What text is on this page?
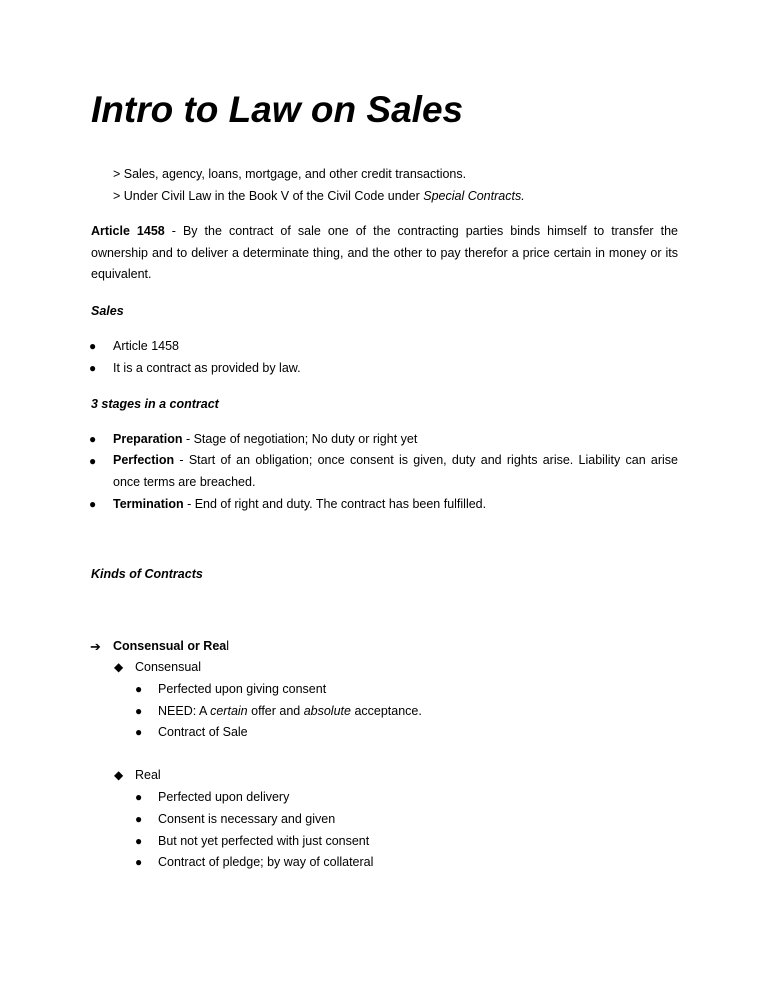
Intro to Law on Sales
> Sales, agency, loans, mortgage, and other credit transactions.
> Under Civil Law in the Book V of the Civil Code under Special Contracts.
Article 1458 - By the contract of sale one of the contracting parties binds himself to transfer the ownership and to deliver a determinate thing, and the other to pay therefor a price certain in money or its equivalent.
Sales
● Article 1458
● It is a contract as provided by law.
3 stages in a contract
● Preparation - Stage of negotiation; No duty or right yet
● Perfection - Start of an obligation; once consent is given, duty and rights arise. Liability can arise once terms are breached.
● Termination - End of right and duty. The contract has been fulfilled.
Kinds of Contracts
➔ Consensual or Real
◆ Consensual
● Perfected upon giving consent
● NEED: A certain offer and absolute acceptance.
● Contract of Sale
◆ Real
● Perfected upon delivery
● Consent is necessary and given
● But not yet perfected with just consent
● Contract of pledge; by way of collateral
